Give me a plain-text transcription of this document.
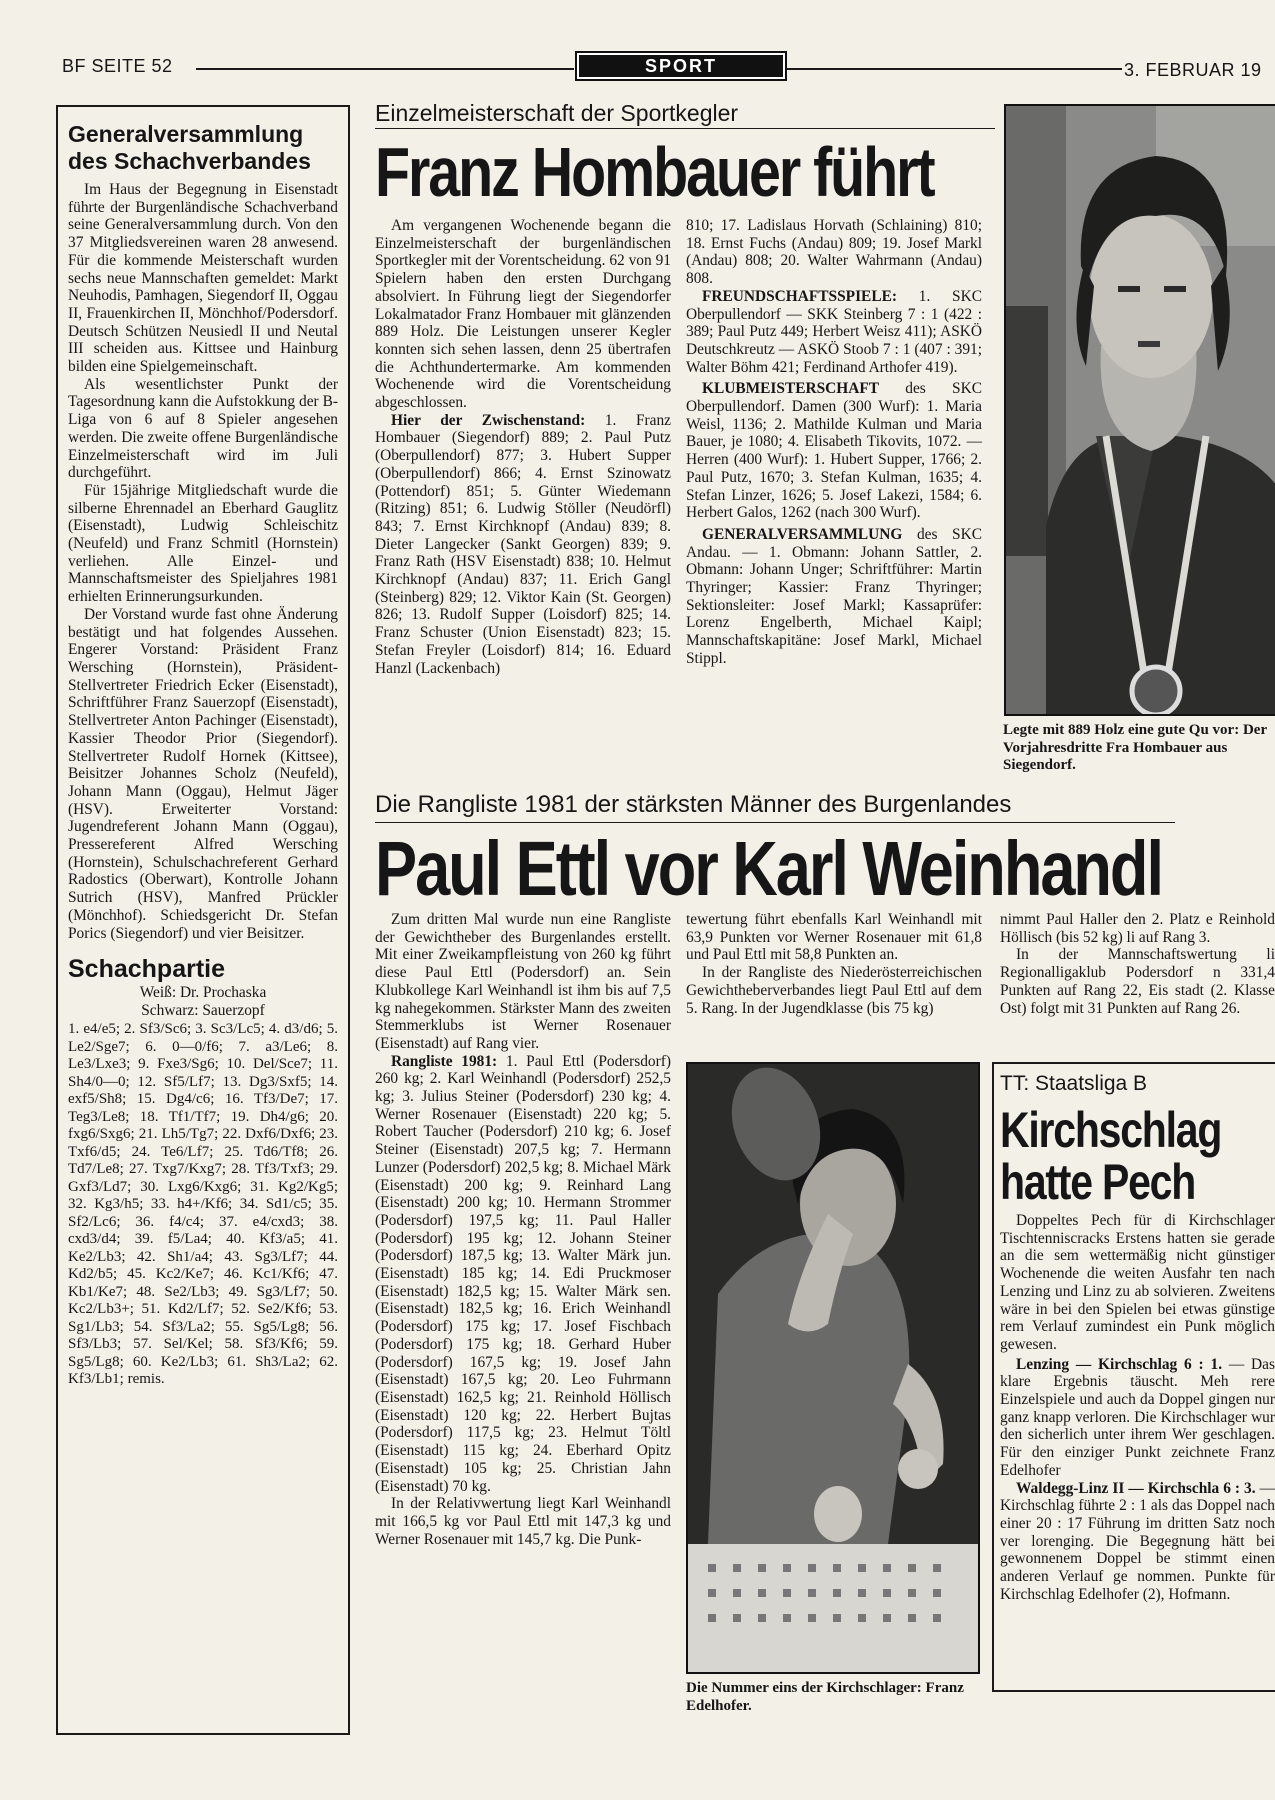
BF SEITE 52	SPORT	3. FEBRUAR 19
Generalversammlung des Schachverbandes

Im Haus der Begegnung in Eisenstadt führte der Burgenländische Schachverband seine Generalversammlung durch. Von den 37 Mitgliedsvereinen waren 28 anwesend. Für die kommende Meisterschaft wurden sechs neue Mannschaften gemeldet: Markt Neuhodis, Pamhagen, Siegendorf II, Oggau II, Frauenkirchen II, Mönchhof/Podersdorf. Deutsch Schützen Neusiedl II und Neutal III scheiden aus. Kittsee und Hainburg bilden eine Spielgemeinschaft.

Als wesentlichster Punkt der Tagesordnung kann die Aufstokkung der B-Liga von 6 auf 8 Spieler angesehen werden. Die zweite offene Burgenländische Einzelmeisterschaft wird im Juli durchgeführt.

Für 15jährige Mitgliedschaft wurde die silberne Ehrennadel an Eberhard Gauglitz (Eisenstadt), Ludwig Schleischitz (Neufeld) und Franz Schmitl (Hornstein) verliehen. Alle Einzel- und Mannschaftsmeister des Spieljahres 1981 erhielten Erinnerungsurkunden.

Der Vorstand wurde fast ohne Änderung bestätigt und hat folgendes Aussehen. Engerer Vorstand: Präsident Franz Wersching (Hornstein), Präsident-Stellvertreter Friedrich Ecker (Eisenstadt), Schriftführer Franz Sauerzopf (Eisenstadt), Stellvertreter Anton Pachinger (Eisenstadt), Kassier Theodor Prior (Siegendorf). Stellvertreter Rudolf Hornek (Kittsee), Beisitzer Johannes Scholz (Neufeld), Johann Mann (Oggau), Helmut Jäger (HSV). Erweiterter Vorstand: Jugendreferent Johann Mann (Oggau), Pressereferent Alfred Wersching (Hornstein), Schulschachreferent Gerhard Radostics (Oberwart), Kontrolle Johann Sutrich (HSV), Manfred Prückler (Mönchhof). Schiedsgericht Dr. Stefan Porics (Siegendorf) und vier Beisitzer.

Schachpartie
Weiß: Dr. Prochaska
Schwarz: Sauerzopf

1. e4/e5; 2. Sf3/Sc6; 3. Sc3/Lc5; 4. d3/d6; 5. Le2/Sge7; 6. 0—0/f6; 7. a3/Le6; 8. Le3/Lxe3; 9. Fxe3/Sg6; 10. Del/Sce7; 11. Sh4/0—0; 12. Sf5/Lf7; 13. Dg3/Sxf5; 14. exf5/Sh8; 15. Dg4/c6; 16. Tf3/De7; 17. Teg3/Le8; 18. Tf1/Tf7; 19. Dh4/g6; 20. fxg6/Sxg6; 21. Lh5/Tg7; 22. Dxf6/Dxf6; 23. Txf6/d5; 24. Te6/Lf7; 25. Td6/Tf8; 26. Td7/Le8; 27. Txg7/Kxg7; 28. Tf3/Txf3; 29. Gxf3/Ld7; 30. Lxg6/Kxg6; 31. Kg2/Kg5; 32. Kg3/h5; 33. h4+/Kf6; 34. Sd1/c5; 35. Sf2/Lc6; 36. f4/c4; 37. e4/cxd3; 38. cxd3/d4; 39. f5/La4; 40. Kf3/a5; 41. Ke2/Lb3; 42. Sh1/a4; 43. Sg3/Lf7; 44. Kd2/b5; 45. Kc2/Ke7; 46. Kc1/Kf6; 47. Kb1/Ke7; 48. Se2/Lb3; 49. Sg3/Lf7; 50. Kc2/Lb3+; 51. Kd2/Lf7; 52. Se2/Kf6; 53. Sg1/Lb3; 54. Sf3/La2; 55. Sg5/Lg8; 56. Sf3/Lb3; 57. Sel/Kel; 58. Sf3/Kf6; 59. Sg5/Lg8; 60. Ke2/Lb3; 61. Sh3/La2; 62. Kf3/Lb1; remis.

Einzelmeisterschaft der Sportkegler
Franz Hombauer führt

Am vergangenen Wochenende begann die Einzelmeisterschaft der burgenländischen Sportkegler mit der Vorentscheidung. 62 von 91 Spielern haben den ersten Durchgang absolviert. In Führung liegt der Siegendorfer Lokalmatador Franz Hombauer mit glänzenden 889 Holz. Die Leistungen unserer Kegler konnten sich sehen lassen, denn 25 übertrafen die Achthundertermarke. Am kommenden Wochenende wird die Vorentscheidung abgeschlossen.

Hier der Zwischenstand: 1. Franz Hombauer (Siegendorf) 889; 2. Paul Putz (Oberpullendorf) 877; 3. Hubert Supper (Oberpullendorf) 866; 4. Ernst Szinowatz (Pottendorf) 851; 5. Günter Wiedemann (Ritzing) 851; 6. Ludwig Stöller (Neudörfl) 843; 7. Ernst Kirchknopf (Andau) 839; 8. Dieter Langecker (Sankt Georgen) 839; 9. Franz Rath (HSV Eisenstadt) 838; 10. Helmut Kirchknopf (Andau) 837; 11. Erich Gangl (Steinberg) 829; 12. Viktor Kain (St. Georgen) 826; 13. Rudolf Supper (Loisdorf) 825; 14. Franz Schuster (Union Eisenstadt) 823; 15. Stefan Freyler (Loisdorf) 814; 16. Eduard Hanzl (Lackenbach)

810; 17. Ladislaus Horvath (Schlaining) 810; 18. Ernst Fuchs (Andau) 809; 19. Josef Markl (Andau) 808; 20. Walter Wahrmann (Andau) 808.

FREUNDSCHAFTSSPIELE: 1. SKC Oberpullendorf — SKK Steinberg 7 : 1 (422 : 389; Paul Putz 449; Herbert Weisz 411); ASKÖ Deutschkreutz — ASKÖ Stoob 7 : 1 (407 : 391; Walter Böhm 421; Ferdinand Arthofer 419).

KLUBMEISTERSCHAFT des SKC Oberpullendorf. Damen (300 Wurf): 1. Maria Weisl, 1136; 2. Mathilde Kulman und Maria Bauer, je 1080; 4. Elisabeth Tikovits, 1072. — Herren (400 Wurf): 1. Hubert Supper, 1766; 2. Paul Putz, 1670; 3. Stefan Kulman, 1635; 4. Stefan Linzer, 1626; 5. Josef Lakezi, 1584; 6. Herbert Galos, 1262 (nach 300 Wurf).

GENERALVERSAMMLUNG des SKC Andau. — 1. Obmann: Johann Sattler, 2. Obmann: Johann Unger; Schriftführer: Martin Thyringer; Kassier: Franz Thyringer; Sektionsleiter: Josef Markl; Kassaprüfer: Lorenz Engelberth, Michael Kaipl; Mannschaftskapitäne: Josef Markl, Michael Stippl.

Legte mit 889 Holz eine gute Qu vor: Der Vorjahresdritte Fra Hombauer aus Siegendorf.
Die Rangliste 1981 der stärksten Männer des Burgenlandes
Paul Ettl vor Karl Weinhandl

Zum dritten Mal wurde nun eine Rangliste der Gewichtheber des Burgenlandes erstellt. Mit einer Zweikampfleistung von 260 kg führt diese Paul Ettl (Podersdorf) an. Sein Klubkollege Karl Weinhandl ist ihm bis auf 7,5 kg nahegekommen. Stärkster Mann des zweiten Stemmerklubs ist Werner Rosenauer (Eisenstadt) auf Rang vier.

Rangliste 1981: 1. Paul Ettl (Podersdorf) 260 kg; 2. Karl Weinhandl (Podersdorf) 252,5 kg; 3. Julius Steiner (Podersdorf) 230 kg; 4. Werner Rosenauer (Eisenstadt) 220 kg; 5. Robert Taucher (Podersdorf) 210 kg; 6. Josef Steiner (Eisenstadt) 207,5 kg; 7. Hermann Lunzer (Podersdorf) 202,5 kg; 8. Michael Märk (Eisenstadt) 200 kg; 9. Reinhard Lang (Eisenstadt) 200 kg; 10. Hermann Strommer (Podersdorf) 197,5 kg; 11. Paul Haller (Podersdorf) 195 kg; 12. Johann Steiner (Podersdorf) 187,5 kg; 13. Walter Märk jun. (Eisenstadt) 185 kg; 14. Edi Pruckmoser (Eisenstadt) 182,5 kg; 15. Walter Märk sen. (Eisenstadt) 182,5 kg; 16. Erich Weinhandl (Podersdorf) 175 kg; 17. Josef Fischbach (Podersdorf) 175 kg; 18. Gerhard Huber (Podersdorf) 167,5 kg; 19. Josef Jahn (Eisenstadt) 167,5 kg; 20. Leo Fuhrmann (Eisenstadt) 162,5 kg; 21. Reinhold Höllisch (Eisenstadt) 120 kg; 22. Herbert Bujtas (Podersdorf) 117,5 kg; 23. Helmut Töltl (Eisenstadt) 115 kg; 24. Eberhard Opitz (Eisenstadt) 105 kg; 25. Christian Jahn (Eisenstadt) 70 kg.

In der Relativwertung liegt Karl Weinhandl mit 166,5 kg vor Paul Ettl mit 147,3 kg und Werner Rosenauer mit 145,7 kg. Die Punk-

tewertung führt ebenfalls Karl Weinhandl mit 63,9 Punkten vor Werner Rosenauer mit 61,8 und Paul Ettl mit 58,8 Punkten an.

In der Rangliste des Niederösterreichischen Gewichtheberverbandes liegt Paul Ettl auf dem 5. Rang. In der Jugendklasse (bis 75 kg)

nimmt Paul Haller den 2. Platz e Reinhold Höllisch (bis 52 kg) li auf Rang 3.

In der Mannschaftswertung li Regionalligaklub Podersdorf n 331,4 Punkten auf Rang 22, Eis stadt (2. Klasse Ost) folgt mit 31 Punkten auf Rang 26.

Die Nummer eins der Kirchschlager: Franz Edelhofer.
TT: Staatsliga B
Kirchschlag
hatte Pech

Doppeltes Pech für di Kirchschlager Tischtenniscracks Erstens hatten sie gerade an die sem wettermäßig nicht günstiger Wochenende die weiten Ausfahr ten nach Lenzing und Linz zu ab solvieren. Zweitens wäre in bei den Spielen bei etwas günstige rem Verlauf zumindest ein Punk möglich gewesen.

Lenzing — Kirchschlag 6 : 1. — Das klare Ergebnis täuscht. Meh rere Einzelspiele und auch da Doppel gingen nur ganz knapp verloren. Die Kirchschlager wur den sicherlich unter ihrem Wer geschlagen. Für den einziger Punkt zeichnete Franz Edelhofer

Waldegg-Linz II — Kirchschla 6 : 3. — Kirchschlag führte 2 : 1 als das Doppel nach einer 20 : 17 Führung im dritten Satz noch ver lorenging. Die Begegnung hätt bei gewonnenem Doppel be stimmt einen anderen Verlauf ge nommen. Punkte für Kirchschlag Edelhofer (2), Hofmann.
